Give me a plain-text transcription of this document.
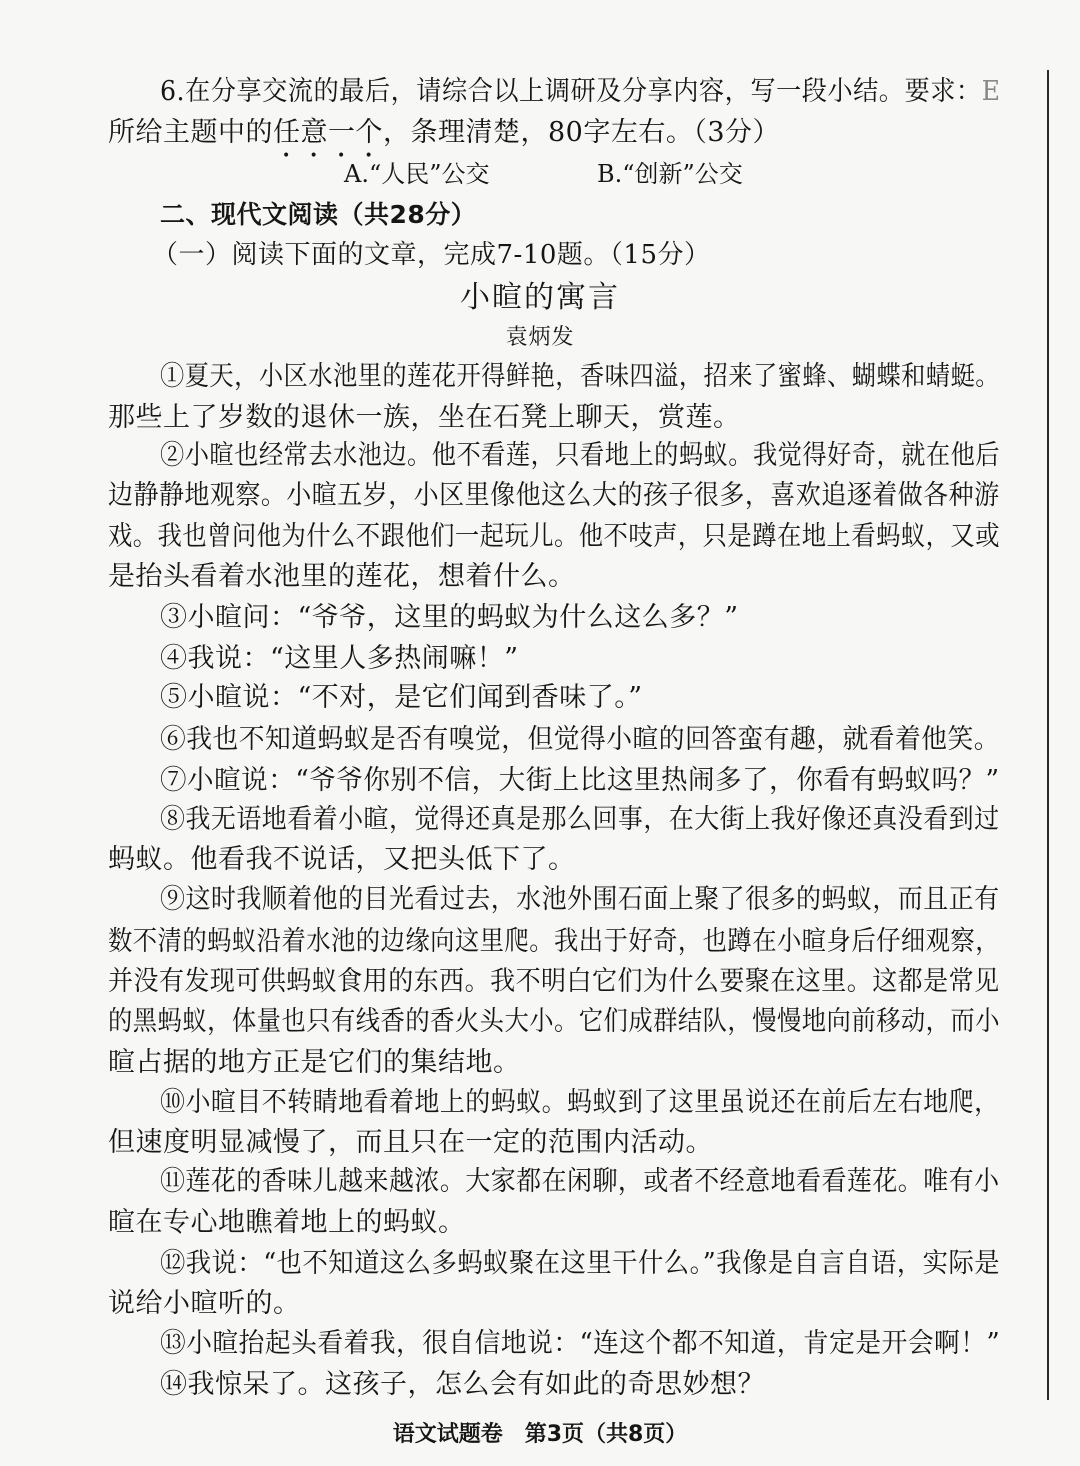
6.在分享交流的最后，请综合以上调研及分享内容，写一段小结。要求：E
所给主题中的任意一个，条理清楚，80字左右。（3分）
A.“人民”公交	B.“创新”公交
二、现代文阅读（共28分）
（一）阅读下面的文章，完成7-10题。（15分）
小暄的寓言
袁炳发
①夏天，小区水池里的莲花开得鲜艳，香味四溢，招来了蜜蜂、蝴蝶和蜻蜓。
那些上了岁数的退休一族，坐在石凳上聊天，赏莲。
②小暄也经常去水池边。他不看莲，只看地上的蚂蚁。我觉得好奇，就在他后
边静静地观察。小暄五岁，小区里像他这么大的孩子很多，喜欢追逐着做各种游
戏。我也曾问他为什么不跟他们一起玩儿。他不吱声，只是蹲在地上看蚂蚁，又或
是抬头看着水池里的莲花，想着什么。
③小暄问：“爷爷，这里的蚂蚁为什么这么多？”
④我说：“这里人多热闹嘛！”
⑤小暄说：“不对，是它们闻到香味了。”
⑥我也不知道蚂蚁是否有嗅觉，但觉得小暄的回答蛮有趣，就看着他笑。
⑦小暄说：“爷爷你别不信，大街上比这里热闹多了，你看有蚂蚁吗？”
⑧我无语地看着小暄，觉得还真是那么回事，在大街上我好像还真没看到过
蚂蚁。他看我不说话，又把头低下了。
⑨这时我顺着他的目光看过去，水池外围石面上聚了很多的蚂蚁，而且正有
数不清的蚂蚁沿着水池的边缘向这里爬。我出于好奇，也蹲在小暄身后仔细观察，
并没有发现可供蚂蚁食用的东西。我不明白它们为什么要聚在这里。这都是常见
的黑蚂蚁，体量也只有线香的香火头大小。它们成群结队，慢慢地向前移动，而小
暄占据的地方正是它们的集结地。
⑩小暄目不转睛地看着地上的蚂蚁。蚂蚁到了这里虽说还在前后左右地爬，
但速度明显减慢了，而且只在一定的范围内活动。
⑪莲花的香味儿越来越浓。大家都在闲聊，或者不经意地看看莲花。唯有小
暄在专心地瞧着地上的蚂蚁。
⑫我说：“也不知道这么多蚂蚁聚在这里干什么。”我像是自言自语，实际是
说给小暄听的。
⑬小暄抬起头看着我，很自信地说：“连这个都不知道，肯定是开会啊！”
⑭我惊呆了。这孩子，怎么会有如此的奇思妙想？
语文试题卷　第3页（共8页）
